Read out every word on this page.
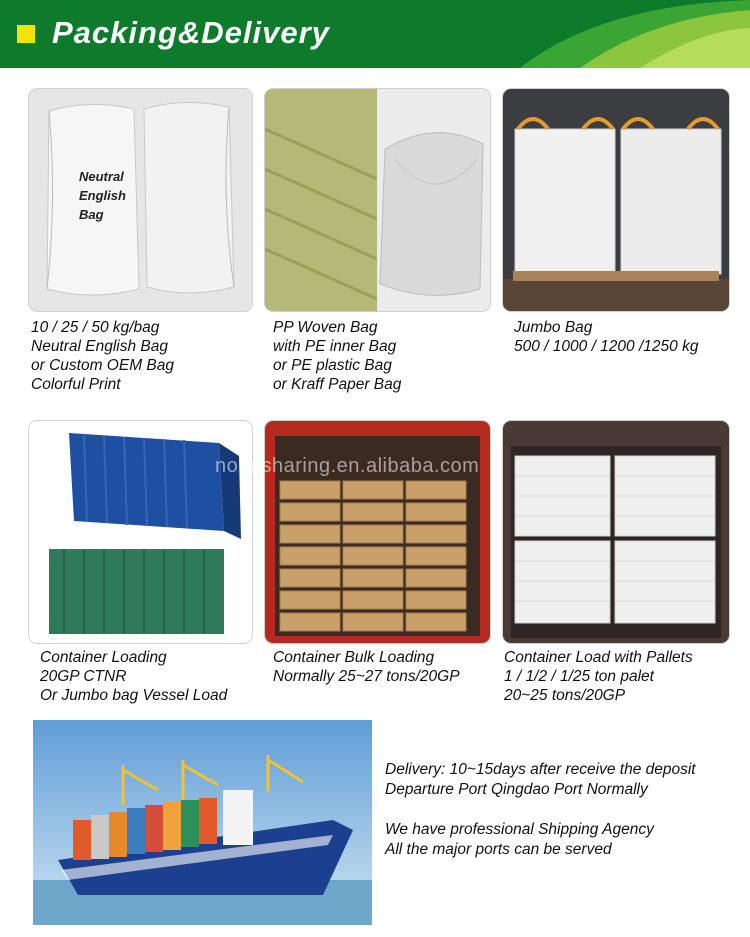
Packing&Delivery
Neutral
English
Bag
10 / 25 / 50 kg/bag
Neutral English Bag
or Custom OEM Bag
Colorful Print
PP Woven Bag
with PE inner Bag
or PE plastic Bag
or Kraff Paper Bag
Jumbo Bag
500 / 1000 / 1200 /1250 kg
nongsharing.en.alibaba.com
Container Loading
20GP CTNR
Or Jumbo bag Vessel Load
Container Bulk Loading
Normally 25~27 tons/20GP
Container Load with Pallets
1 / 1/2 / 1/25 ton palet
20~25 tons/20GP
Delivery: 10~15days after receive the deposit
Departure Port Qingdao Port Normally
We have professional Shipping Agency
All the major ports can be served
